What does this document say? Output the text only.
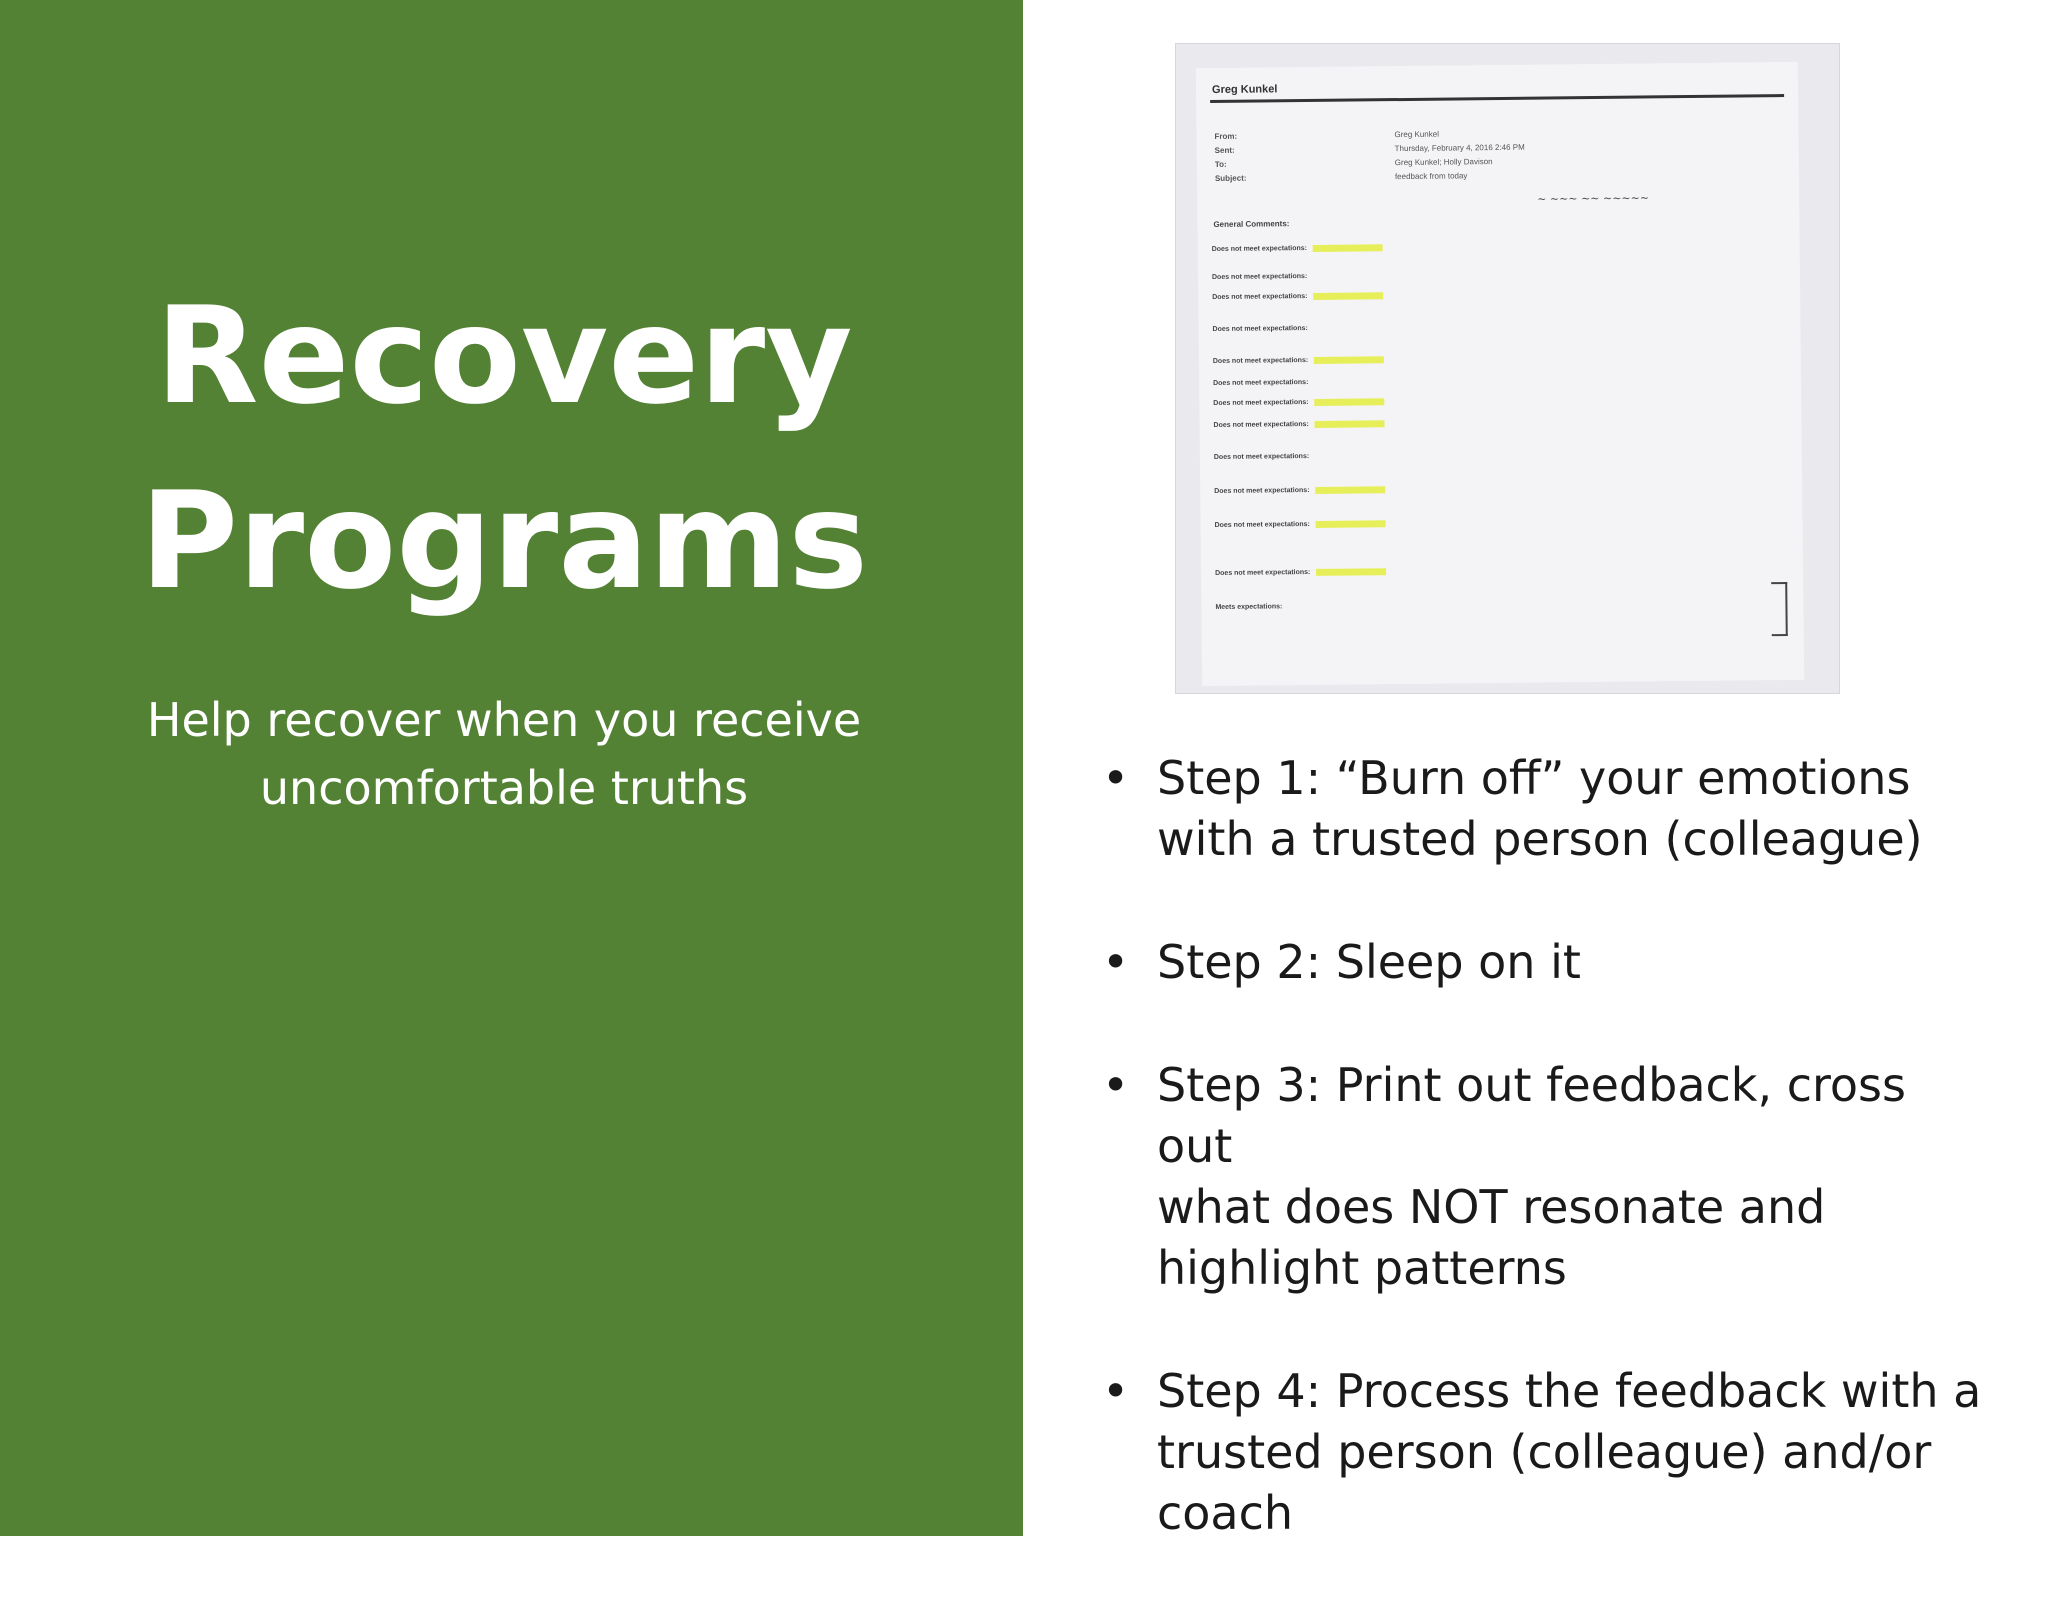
Recovery
Programs
Help recover when you receive
uncomfortable truths
Greg Kunkel
From:	Greg Kunkel
Sent:	Thursday, February 4, 2016 2:46 PM
To:	Greg Kunkel; Holly Davison
Subject:	feedback from today
~ ~~~ ~~ ~~~~~
General Comments:
Does not meet expectations:
Does not meet expectations:
Does not meet expectations:
Does not meet expectations:
Does not meet expectations:
Does not meet expectations:
Does not meet expectations:
Does not meet expectations:
Does not meet expectations:
Does not meet expectations:
Does not meet expectations:
Does not meet expectations:
Meets expectations:
• Step 1: “Burn off” your emotions
with a trusted person (colleague)
• Step 2: Sleep on it
• Step 3: Print out feedback, cross out
what does NOT resonate and
highlight patterns
• Step 4: Process the feedback with a
trusted person (colleague) and/or
coach
